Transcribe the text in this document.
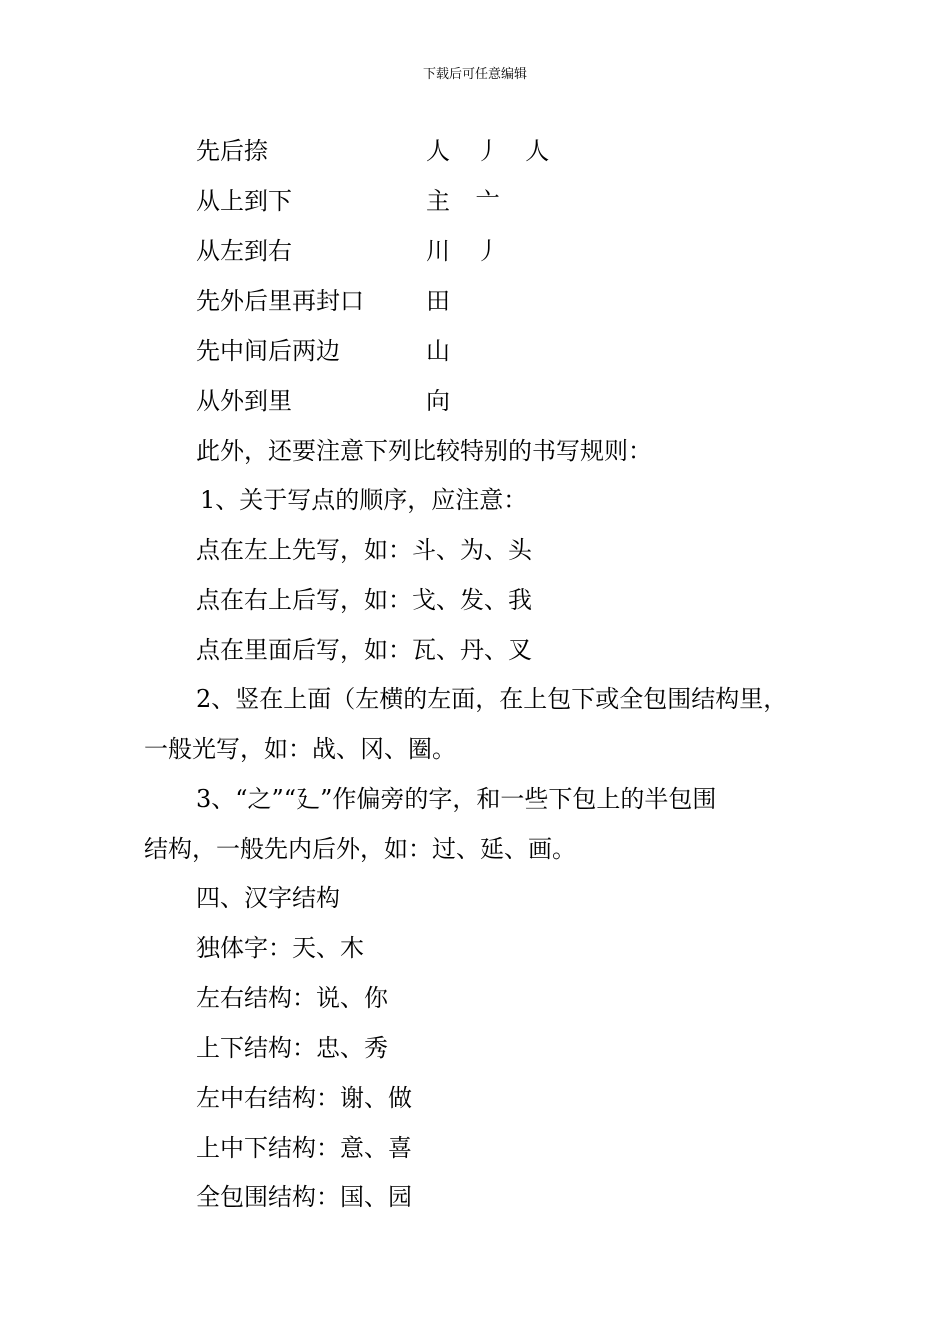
下载后可任意编辑
先后捺	人 丿 人
从上到下	主 亠
从左到右	川 丿
先外后里再封口	田
先中间后两边	山
从外到里	向
此外，还要注意下列比较特别的书写规则：
1、关于写点的顺序，应注意：
点在左上先写，如：斗、为、头
点在右上后写，如：戈、发、我
点在里面后写，如：瓦、丹、叉
2、竖在上面（左横的左面，在上包下或全包围结构里，
一般光写，如：战、冈、圈。
3、“之”“廴”作偏旁的字，和一些下包上的半包围
结构，一般先内后外，如：过、延、画。
四、汉字结构
独体字：天、木
左右结构：说、你
上下结构：忠、秀
左中右结构：谢、做
上中下结构：意、喜
全包围结构：国、园
